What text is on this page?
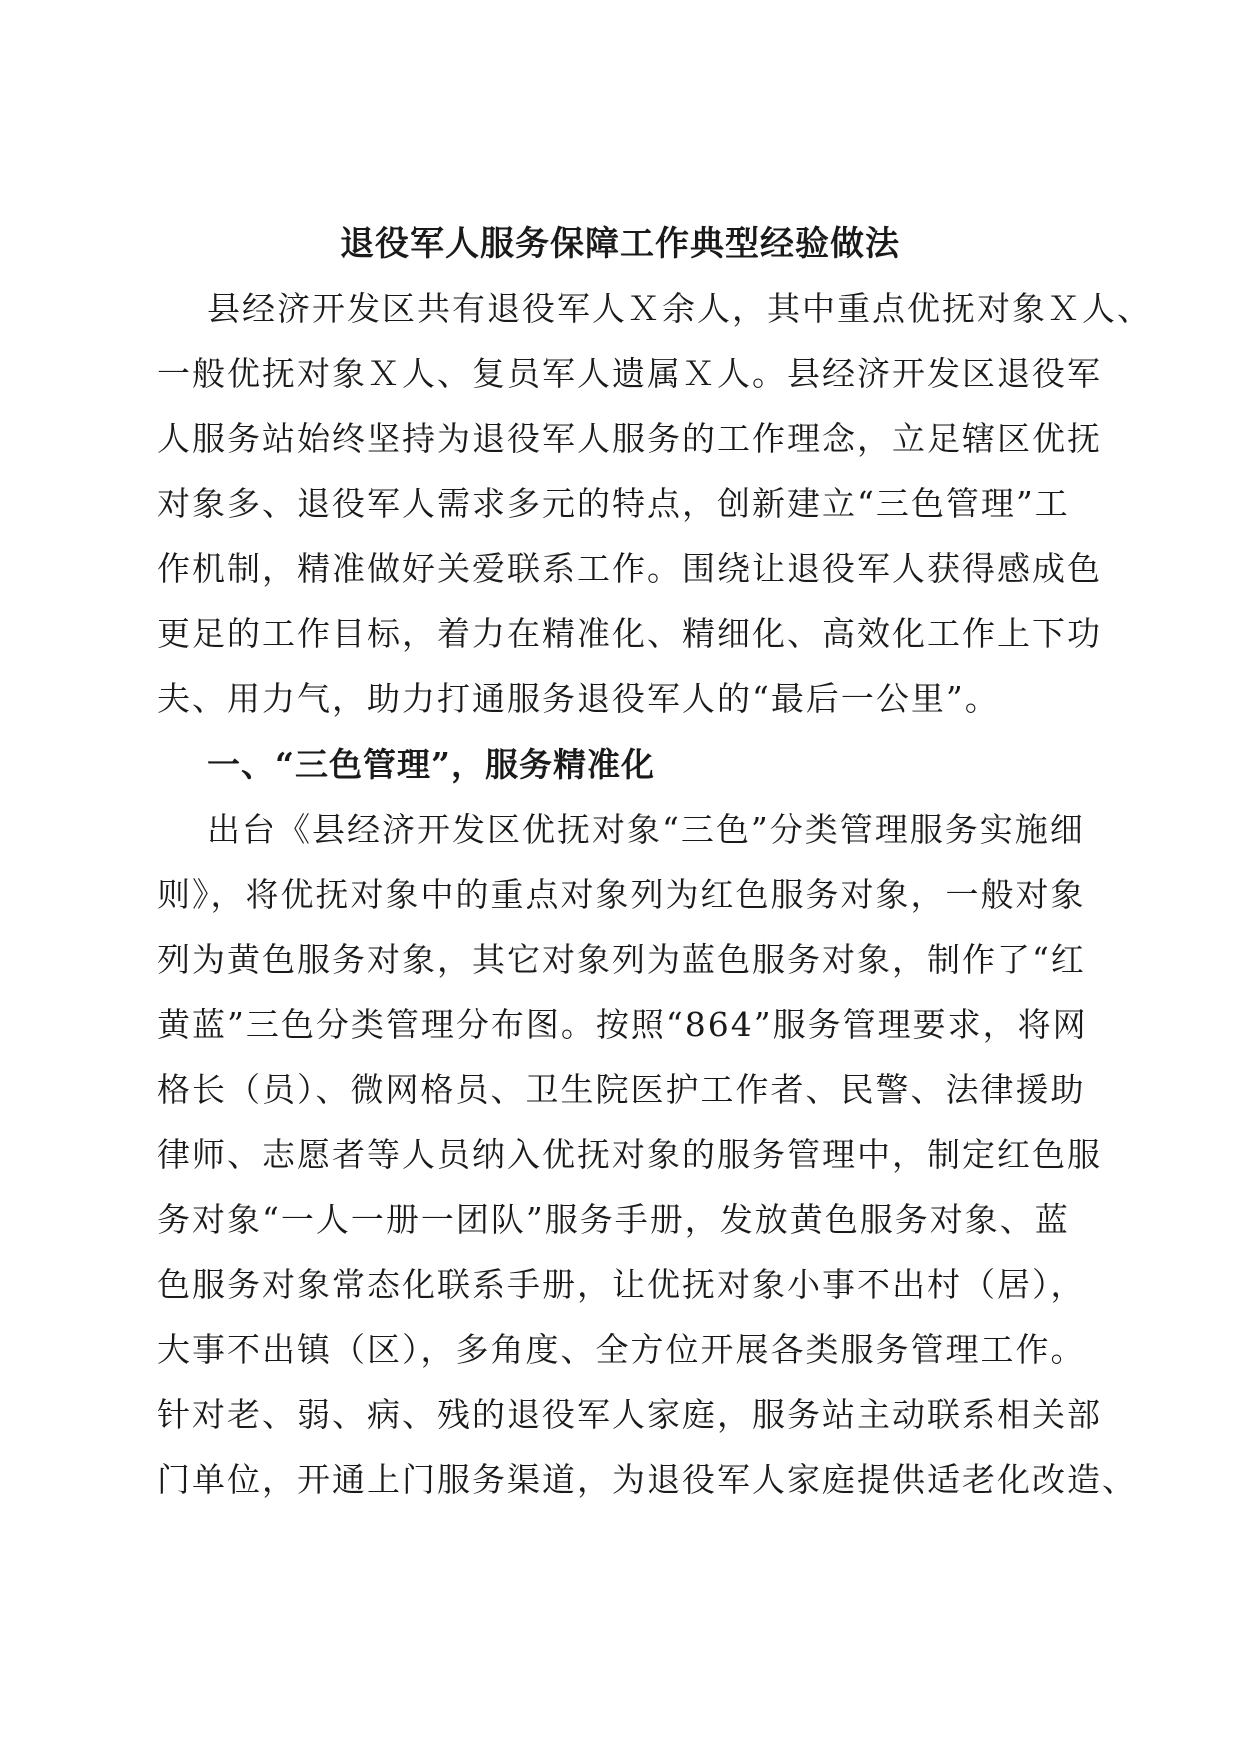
退役军人服务保障工作典型经验做法
县经济开发区共有退役军人Ｘ余人，其中重点优抚对象Ｘ人、
一般优抚对象Ｘ人、复员军人遗属Ｘ人。县经济开发区退役军
人服务站始终坚持为退役军人服务的工作理念，立足辖区优抚
对象多、退役军人需求多元的特点，创新建立“三色管理”工
作机制，精准做好关爱联系工作。围绕让退役军人获得感成色
更足的工作目标，着力在精准化、精细化、高效化工作上下功
夫、用力气，助力打通服务退役军人的“最后一公里”。
一、“三色管理”，服务精准化
出台《县经济开发区优抚对象“三色”分类管理服务实施细
则》，将优抚对象中的重点对象列为红色服务对象，一般对象
列为黄色服务对象，其它对象列为蓝色服务对象，制作了“红
黄蓝”三色分类管理分布图。按照“864”服务管理要求，将网
格长（员）、微网格员、卫生院医护工作者、民警、法律援助
律师、志愿者等人员纳入优抚对象的服务管理中，制定红色服
务对象“一人一册一团队”服务手册，发放黄色服务对象、蓝
色服务对象常态化联系手册，让优抚对象小事不出村（居），
大事不出镇（区），多角度、全方位开展各类服务管理工作。
针对老、弱、病、残的退役军人家庭，服务站主动联系相关部
门单位，开通上门服务渠道，为退役军人家庭提供适老化改造、
